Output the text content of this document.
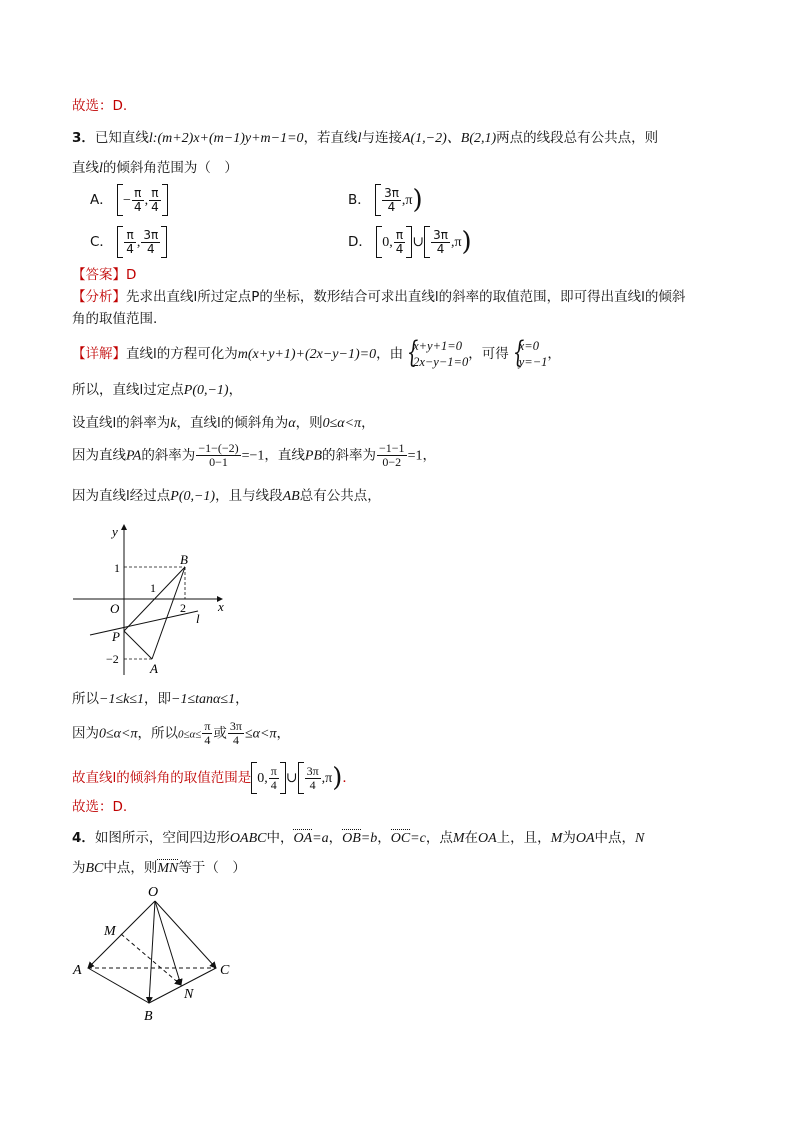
故选：D.
3．已知直线l:(m+2)x+(m−1)y+m−1=0，若直线l与连接A(1,−2)、B(2,1)两点的线段总有公共点，则
直线l的倾斜角范围为（　）
A． − $\frac{\pi}{4}$ , $\frac{\pi}{4}$	B． $\frac{3\pi}{4} ,\pi$)
C． $\frac{\pi}{4}$ , $\frac{3\pi}{4}$	D． 0, $\frac{\pi}{4}$ ∪ $\frac{3\pi}{4} ,\pi$)
【答案】D
【分析】先求出直线l所过定点P的坐标，数形结合可求出直线l的斜率的取值范围，即可得出直线l的倾斜
角的取值范围.
【详解】直线l的方程可化为m(x+y+1)+(2x−y−1)=0，由 {
x+y+1=0
2x−y−1=0 ，可得 {
x=0
y=−1 ，
所以，直线l过定点P(0,−1)，
设直线l的斜率为k，直线l的倾斜角为α，则0≤α<π，
因为直线PA的斜率为 $\frac{-1-(-2)}{0-1} =-1$，直线PB的斜率为 $\frac{-1-1}{0-2} =1$，
因为直线l经过点P(0,−1)，且与线段AB总有公共点，
y
x
O
B
P
A
l
1
1
2
−2
所以−1≤k≤1，即−1≤tanα≤1，
因为0≤α<π，所以$0\le\alpha\le \frac{\pi}{4}$ 或 $\frac{3\pi}{4} \le\alpha<\pi$，
故直线l的倾斜角的取值范围是 0, $\frac{\pi}{4}$ ∪ $\frac{3\pi}{4} ,\pi$)．
故选：D.
4．如图所示，空间四边形OABC中，OA=a，OB=b，OC=c，点M在OA上，且，M为OA中点，N
为BC中点，则MN等于（　）
O
M
A	C
N
B
